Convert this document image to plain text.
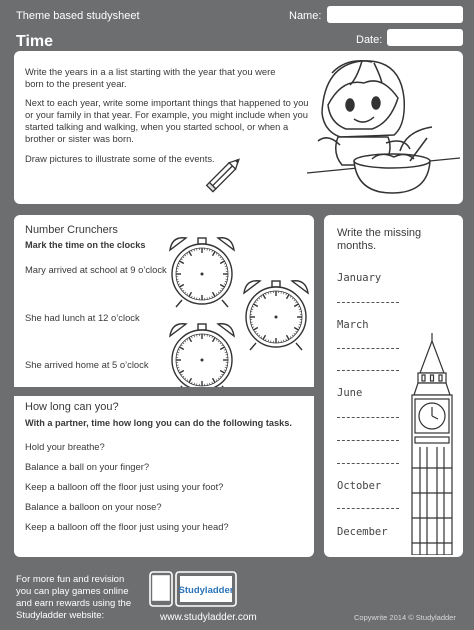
Theme based studysheet	Name:
Time	Date:
Write the years in a a list starting with the year that you were born to the present year.
Next to each year, write some important things that happened to you or your family in that year. For example, you might include when you started talking and walking, when you started school, or when a brother or sister was born.
Draw pictures to illustrate some of the events.
Number Crunchers
Mark the time on the clocks
Mary arrived at school at 9 o’clock
She had lunch at 12 o’clock
She arrived home at 5 o’clock
How long can you?
With a partner, time how long you can do the following tasks.
Hold your breathe?
Balance a ball on your finger?
Keep a balloon off the floor just using your foot?
Balance a balloon on your nose?
Keep a balloon off the floor just using your head?
Write the missing months.
January
March
June
October
December
For more fun and revision you can play games online and earn rewards using the Studyladder website:
Studyladder
www.studyladder.com	Copywrite 2014 © Studyladder
